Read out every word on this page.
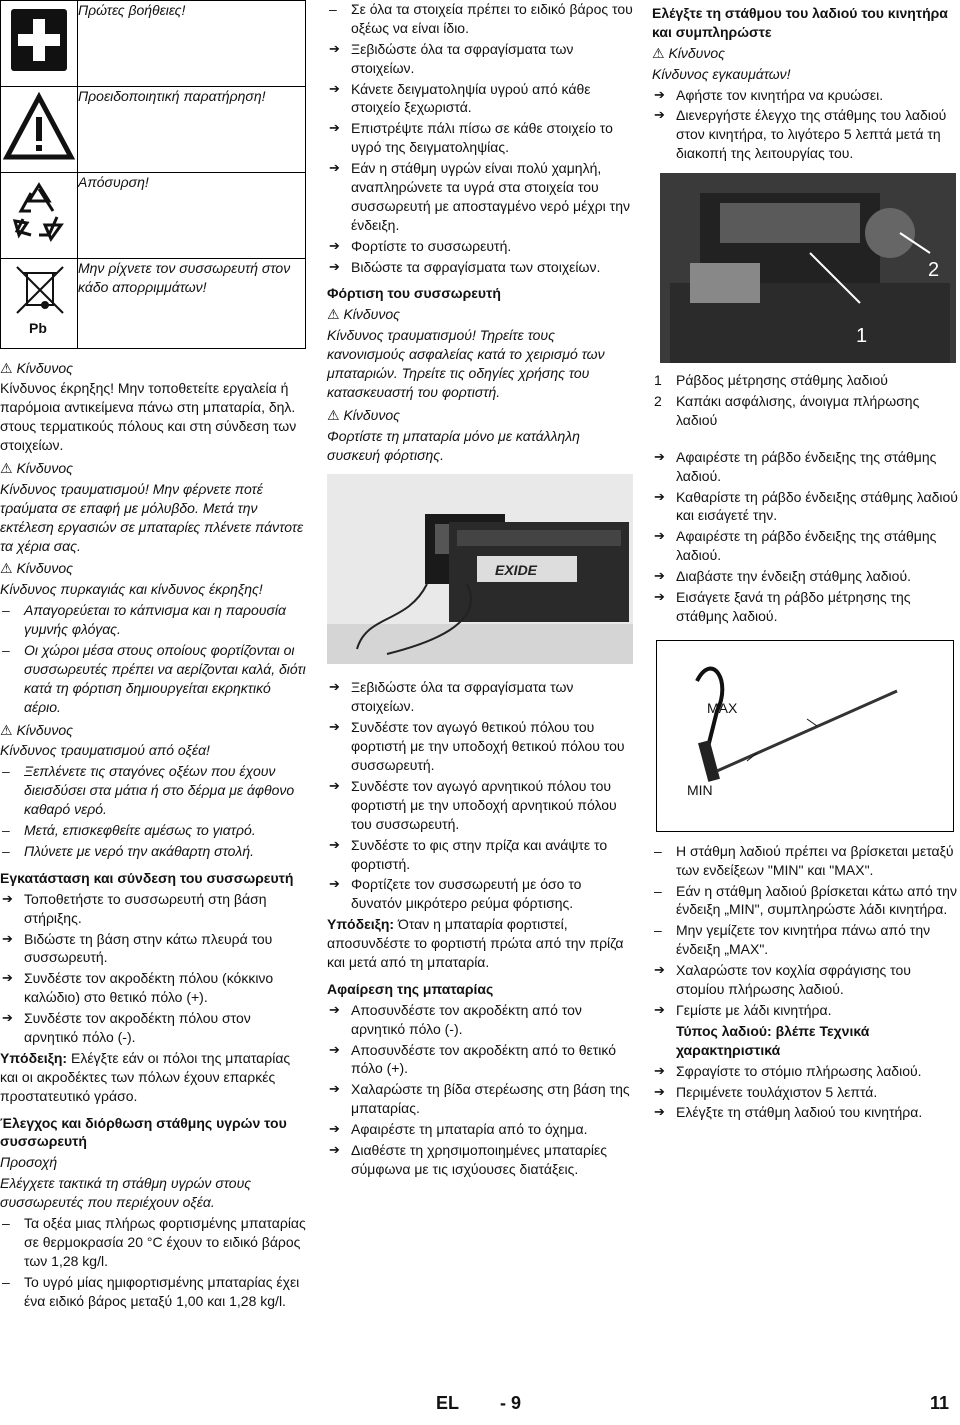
	Πρώτες βοήθειες!
	Προειδοποιητική παρατήρηση!
	Απόσυρση!

Pb	Μην ρίχνετε τον συσσωρευτή στον κάδο απορριμμάτων!

⚠ Κίνδυνος

Κίνδυνος έκρηξης! Μην τοποθετείτε εργαλεία ή παρόμοια αντικείμενα πάνω στη μπαταρία, δηλ. στους τερματικούς πόλους και στη σύνδεση των στοιχείων.

⚠ Κίνδυνος

Κίνδυνος τραυματισμού! Μην φέρνετε ποτέ τραύματα σε επαφή με μόλυβδο. Μετά την εκτέλεση εργασιών σε μπαταρίες πλένετε πάντοτε τα χέρια σας.

⚠ Κίνδυνος

Κίνδυνος πυρκαγιάς και κίνδυνος έκρηξης!

– Απαγορεύεται το κάπνισμα και η παρουσία γυμνής φλόγας.

– Οι χώροι μέσα στους οποίους φορτίζονται οι συσσωρευτές πρέπει να αερίζονται καλά, διότι κατά τη φόρτιση δημιουργείται εκρηκτικό αέριο.

⚠ Κίνδυνος

Κίνδυνος τραυματισμού από οξέα!

– Ξεπλένετε τις σταγόνες οξέων που έχουν διεισδύσει στα μάτια ή στο δέρμα με άφθονο καθαρό νερό.

– Μετά, επισκεφθείτε αμέσως το γιατρό.

– Πλύνετε με νερό την ακάθαρτη στολή.

Εγκατάσταση και σύνδεση του συσσωρευτή

➔ Τοποθετήστε το συσσωρευτή στη βάση στήριξης.

➔ Βιδώστε τη βάση στην κάτω πλευρά του συσσωρευτή.

➔ Συνδέστε τον ακροδέκτη πόλου (κόκκινο καλώδιο) στο θετικό πόλο (+).

➔ Συνδέστε τον ακροδέκτη πόλου στον αρνητικό πόλο (-).

Υπόδειξη: Ελέγξτε εάν οι πόλοι της μπαταρίας και οι ακροδέκτες των πόλων έχουν επαρκές προστατευτικό γράσο.

Έλεγχος και διόρθωση στάθμης υγρών του συσσωρευτή

Προσοχή

Ελέγχετε τακτικά τη στάθμη υγρών στους συσσωρευτές που περιέχουν οξέα.

– Τα οξέα μιας πλήρως φορτισμένης μπαταρίας σε θερμοκρασία 20 °C έχουν το ειδικό βάρος των 1,28 kg/l.

– Το υγρό μίας ημιφορτισμένης μπαταρίας έχει ένα ειδικό βάρος μεταξύ 1,00 και 1,28 kg/l.

– Σε όλα τα στοιχεία πρέπει το ειδικό βάρος του οξέως να είναι ίδιο.

➔ Ξεβιδώστε όλα τα σφραγίσματα των στοιχείων.

➔ Κάνετε δειγματοληψία υγρού από κάθε στοιχείο ξεχωριστά.

➔ Επιστρέψτε πάλι πίσω σε κάθε στοιχείο το υγρό της δειγματοληψίας.

➔ Εάν η στάθμη υγρών είναι πολύ χαμηλή, αναπληρώνετε τα υγρά στα στοιχεία του συσσωρευτή με αποσταγμένο νερό μέχρι την ένδειξη.

➔ Φορτίστε το συσσωρευτή.

➔ Βιδώστε τα σφραγίσματα των στοιχείων.

Φόρτιση του συσσωρευτή

⚠ Κίνδυνος

Κίνδυνος τραυματισμού! Τηρείτε τους κανονισμούς ασφαλείας κατά το χειρισμό των μπαταριών. Τηρείτε τις οδηγίες χρήσης του κατασκευαστή του φορτιστή.

⚠ Κίνδυνος

Φορτίστε τη μπαταρία μόνο με κατάλληλη συσκευή φόρτισης.

EXIDE

➔ Ξεβιδώστε όλα τα σφραγίσματα των στοιχείων.

➔ Συνδέστε τον αγωγό θετικού πόλου του φορτιστή με την υποδοχή θετικού πόλου του συσσωρευτή.

➔ Συνδέστε τον αγωγό αρνητικού πόλου του φορτιστή με την υποδοχή αρνητικού πόλου του συσσωρευτή.

➔ Συνδέστε το φις στην πρίζα και ανάψτε το φορτιστή.

➔ Φορτίζετε τον συσσωρευτή με όσο το δυνατόν μικρότερο ρεύμα φόρτισης.

Υπόδειξη: Όταν η μπαταρία φορτιστεί, αποσυνδέστε το φορτιστή πρώτα από την πρίζα και μετά από τη μπαταρία.

Αφαίρεση της μπαταρίας

➔ Αποσυνδέστε τον ακροδέκτη από τον αρνητικό πόλο (-).

➔ Αποσυνδέστε τον ακροδέκτη από το θετικό πόλο (+).

➔ Χαλαρώστε τη βίδα στερέωσης στη βάση της μπαταρίας.

➔ Αφαιρέστε τη μπαταρία από το όχημα.

➔ Διαθέστε τη χρησιμοποιημένες μπαταρίες σύμφωνα με τις ισχύουσες διατάξεις.

Ελέγξτε τη στάθμου του λαδιού του κινητήρα και συμπληρώστε

⚠ Κίνδυνος

Κίνδυνος εγκαυμάτων!

➔ Αφήστε τον κινητήρα να κρυώσει.

➔ Διενεργήστε έλεγχο της στάθμης του λαδιού στον κινητήρα, το λιγότερο 5 λεπτά μετά τη διακοπή της λειτουργίας του.

1
2

1 Ράβδος μέτρησης στάθμης λαδιού

2 Καπάκι ασφάλισης, άνοιγμα πλήρωσης λαδιού

➔ Αφαιρέστε τη ράβδο ένδειξης της στάθμης λαδιού.

➔ Καθαρίστε τη ράβδο ένδειξης στάθμης λαδιού και εισάγετέ την.

➔ Αφαιρέστε τη ράβδο ένδειξης της στάθμης λαδιού.

➔ Διαβάστε την ένδειξη στάθμης λαδιού.

➔ Εισάγετε ξανά τη ράβδο μέτρησης της στάθμης λαδιού.

MAX
MIN

– Η στάθμη λαδιού πρέπει να βρίσκεται μεταξύ των ενδείξεων "MIN" και "MAX".

– Εάν η στάθμη λαδιού βρίσκεται κάτω από την ένδειξη „MIN", συμπληρώστε λάδι κινητήρα.

– Μην γεμίζετε τον κινητήρα πάνω από την ένδειξη „MAX".

➔ Χαλαρώστε τον κοχλία σφράγισης του στομίου πλήρωσης λαδιού.

➔ Γεμίστε με λάδι κινητήρα.

Τύπος λαδιού: βλέπε Τεχνικά χαρακτηριστικά

➔ Σφραγίστε το στόμιο πλήρωσης λαδιού.

➔ Περιμένετε τουλάχιστον 5 λεπτά.

➔ Ελέγξτε τη στάθμη λαδιού του κινητήρα.

EL - 9	11
